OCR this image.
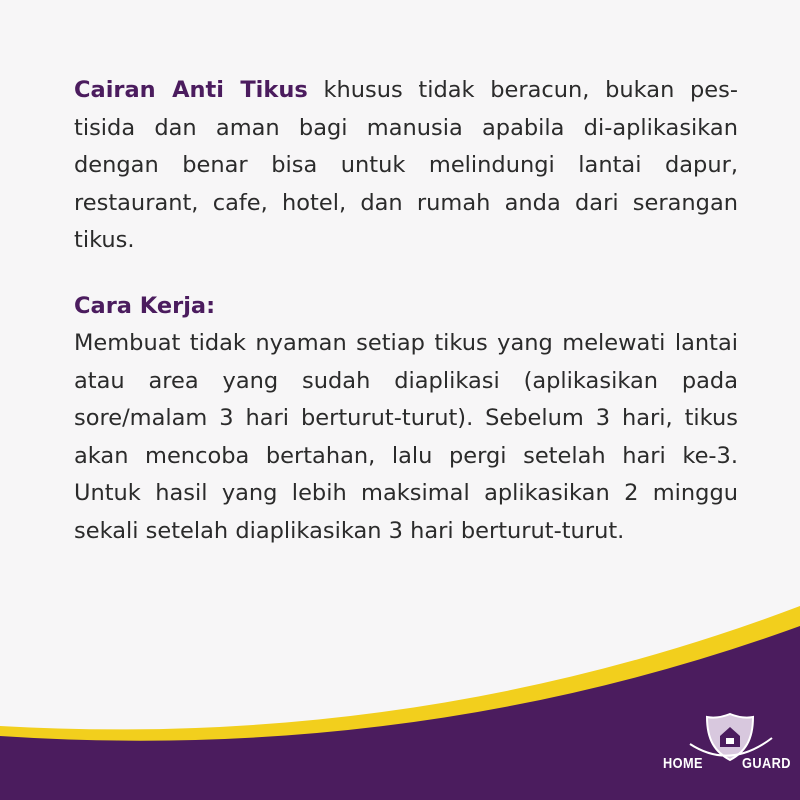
Cairan Anti Tikus khusus tidak beracun, bukan pes-tisida dan aman bagi manusia apabila di-aplikasikan dengan benar bisa untuk melindungi lantai dapur, restaurant, cafe, hotel, dan rumah anda dari serangan tikus.

Cara Kerja:

Membuat tidak nyaman setiap tikus yang melewati lantai atau area yang sudah diaplikasi (aplikasikan pada sore/malam 3 hari berturut-turut). Sebelum 3 hari, tikus akan mencoba bertahan, lalu pergi setelah hari ke-3. Untuk hasil yang lebih maksimal aplikasikan 2 minggu sekali setelah diaplikasikan 3 hari berturut-turut.

HOME	GUARD
